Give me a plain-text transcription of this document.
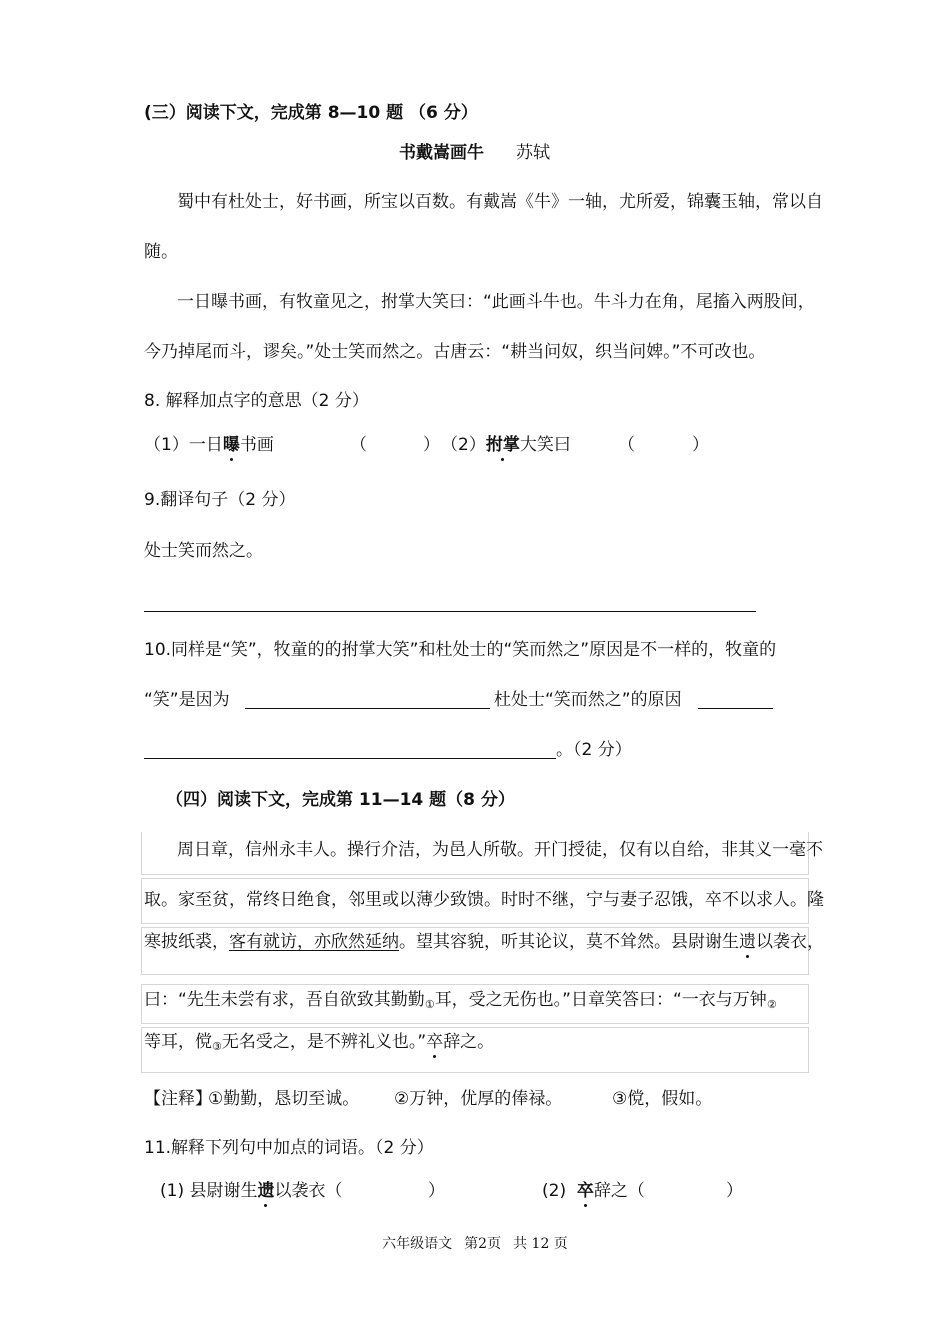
(三）阅读下文，完成第 8—10 题 （6 分）
书戴嵩画牛 苏轼
蜀中有杜处士，好书画，所宝以百数。有戴嵩《牛》一轴，尤所爱，锦囊玉轴，常以自
随。
一日曝书画，有牧童见之，拊掌大笑曰：“此画斗牛也。牛斗力在角，尾搐入两股间，
今乃掉尾而斗，谬矣。”处士笑而然之。古唐云：“耕当问奴，织当问婢。”不可改也。
8. 解释加点字的意思（2 分）
（1）一日曝书画	（	） （2）拊掌大笑曰	（	）
9.翻译句子（2 分）
处士笑而然之。
10.同样是“笑”，牧童的的拊掌大笑”和杜处士的“笑而然之”原因是不一样的，牧童的
“笑”是因为	杜处士“笑而然之”的原因
。（2 分）
（四）阅读下文，完成第 11—14 题（8 分）
周日章，信州永丰人。操行介洁，为邑人所敬。开门授徒，仅有以自给，非其义一毫不
取。家至贫，常终日绝食，邻里或以薄少致馈。时时不继，宁与妻子忍饿，卒不以求人。隆
寒披纸裘，客有就访，亦欣然延纳。望其容貌，听其论议，莫不耸然。县尉谢生遗以袭衣，
曰：“先生未尝有求，吾自欲致其勤勤$_①$耳，受之无伤也。”日章笑答曰：“一衣与万钟$_②$
等耳，傥$_③$无名受之，是不辨礼义也。”卒辞之。
【注释】
①勤勤，恳切至诚。 ②万钟，优厚的俸禄。	③傥，假如。
11.解释下列句中加点的词语。（2 分）
(1) 县尉谢生遗以袭衣（	）	(2)  卒辞之（	）
六年级语文 第2页 共 12 页
